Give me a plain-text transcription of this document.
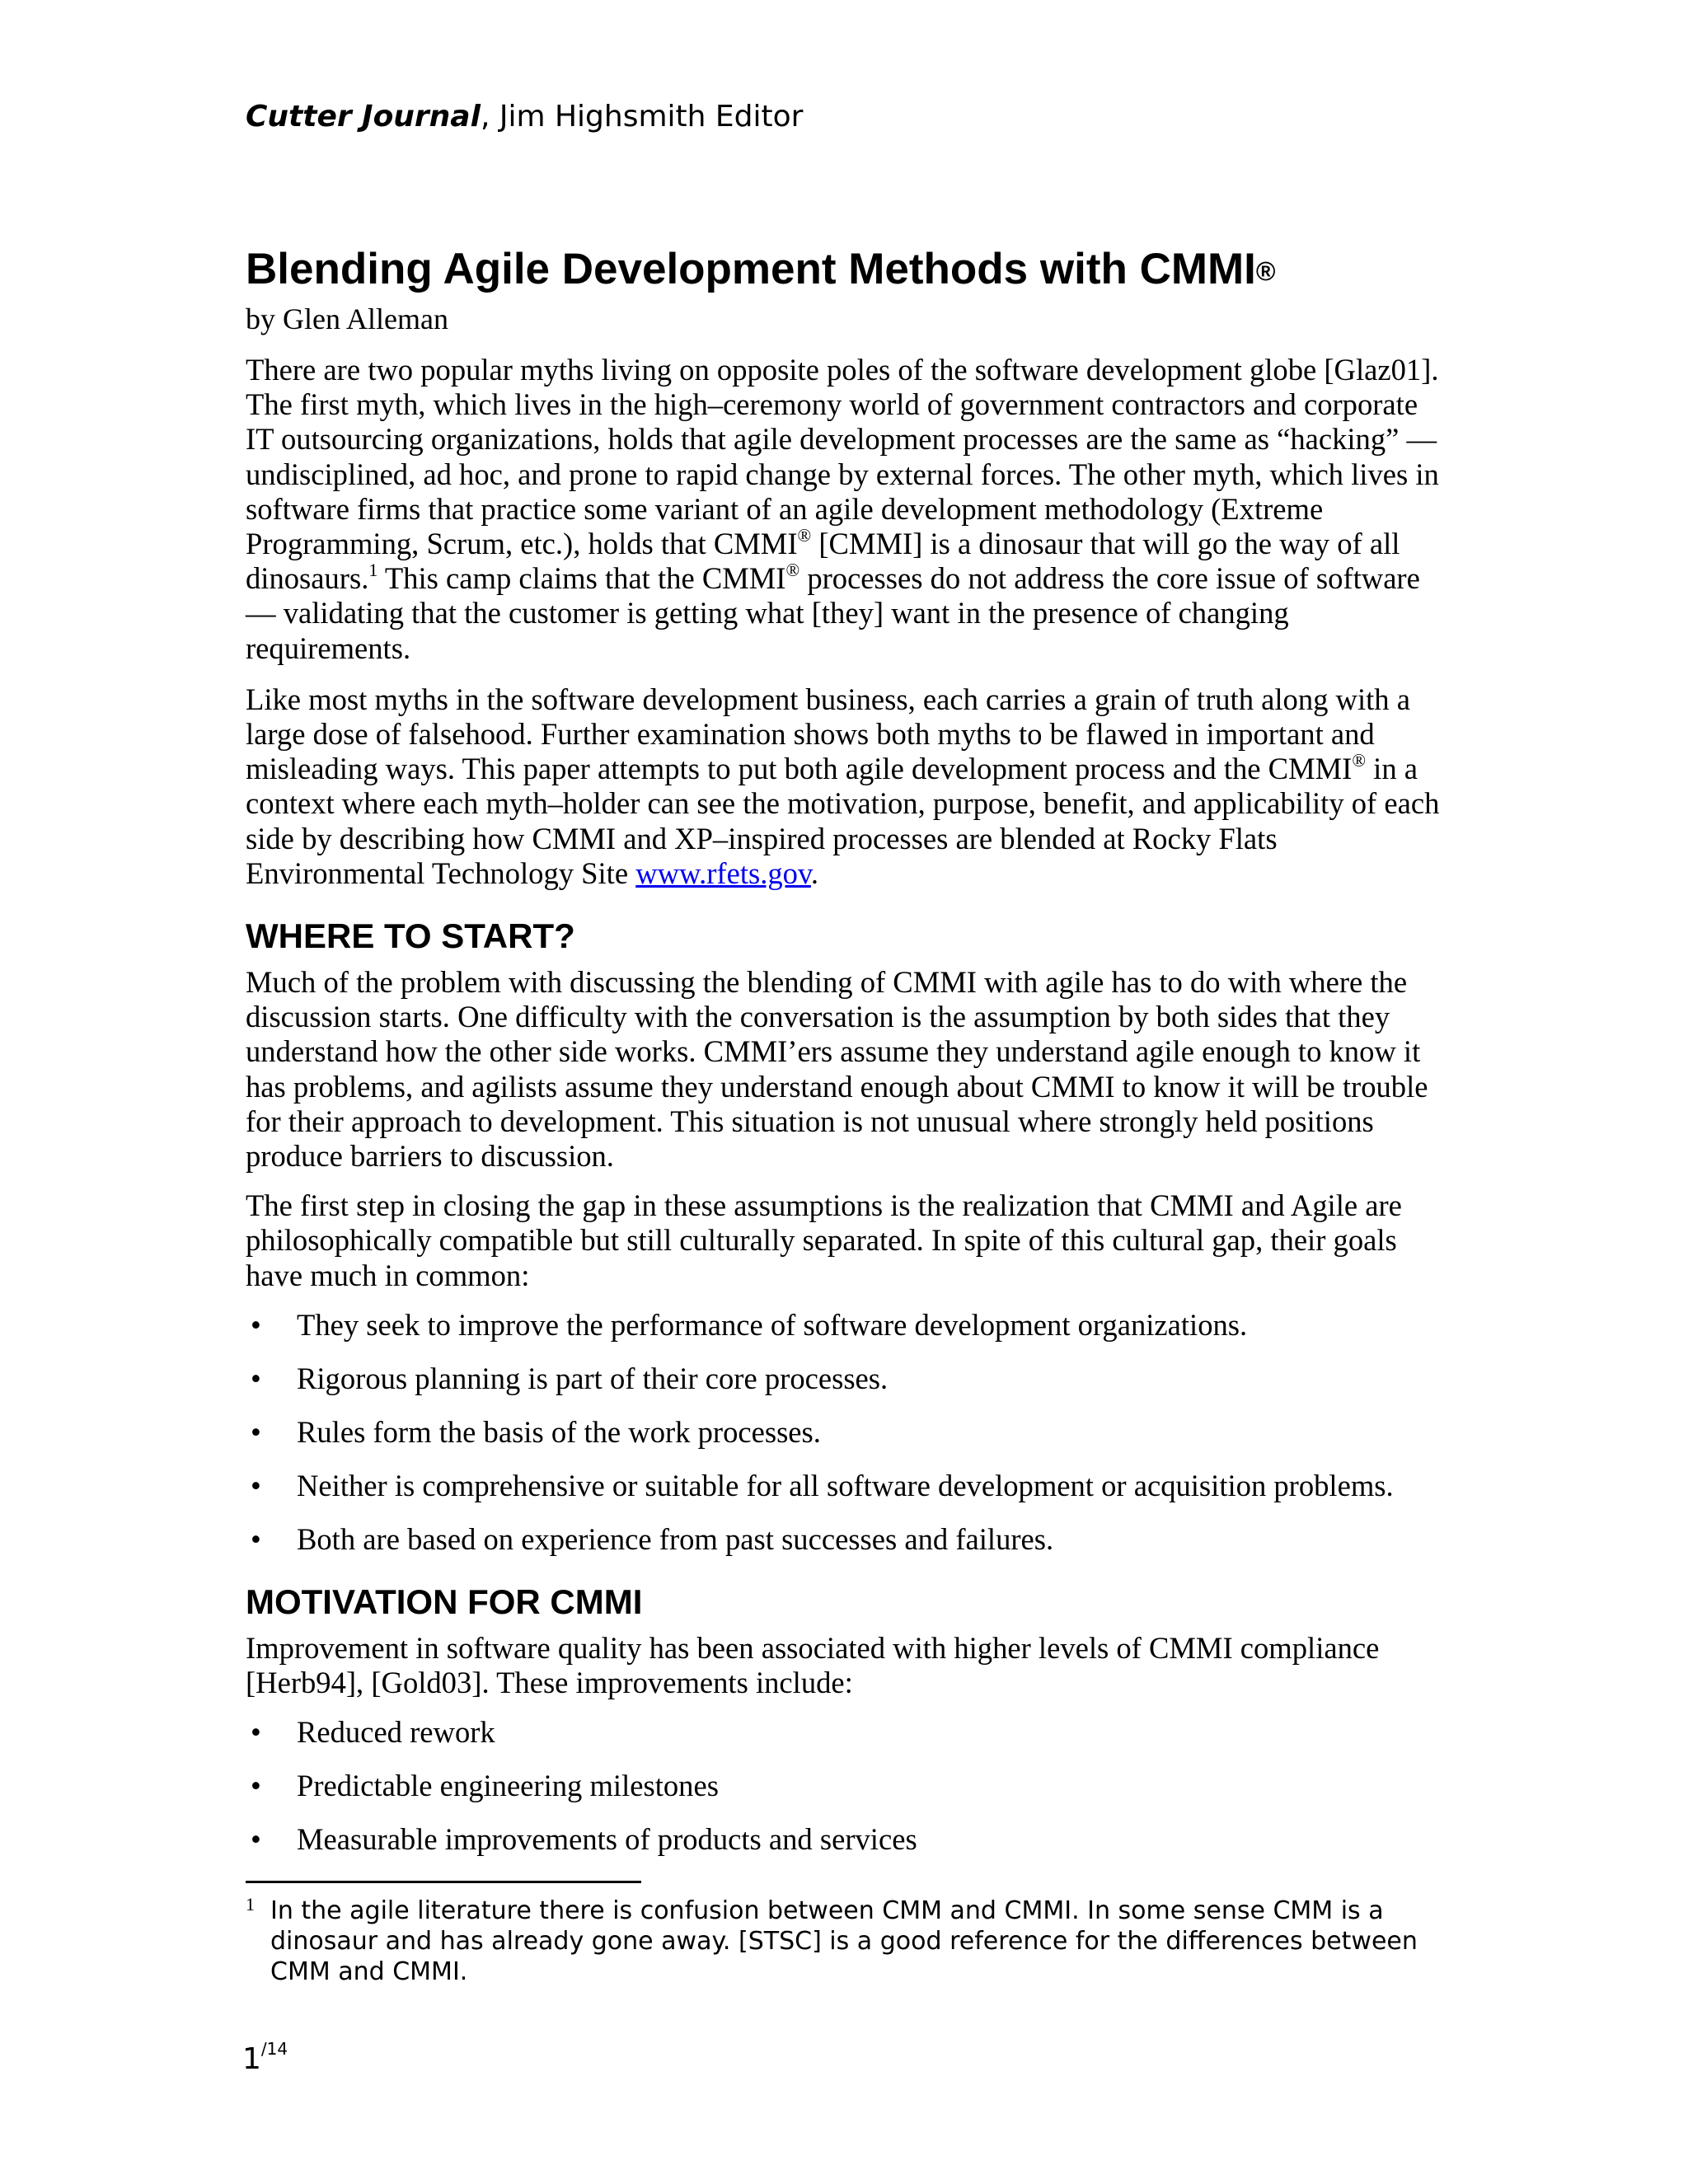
Cutter Journal, Jim Highsmith Editor

Blending Agile Development Methods with CMMI®

by Glen Alleman

There are two popular myths living on opposite poles of the software development globe [Glaz01]. The first myth, which lives in the high–ceremony world of government contractors and corporate IT outsourcing organizations, holds that agile development processes are the same as “hacking” — undisciplined, ad hoc, and prone to rapid change by external forces. The other myth, which lives in software firms that practice some variant of an agile development methodology (Extreme Programming, Scrum, etc.), holds that CMMI® [CMMI] is a dinosaur that will go the way of all dinosaurs.$^1$ This camp claims that the CMMI® processes do not address the core issue of software — validating that the customer is getting what [they] want in the presence of changing requirements.

Like most myths in the software development business, each carries a grain of truth along with a large dose of falsehood. Further examination shows both myths to be flawed in important and misleading ways. This paper attempts to put both agile development process and the CMMI® in a context where each myth–holder can see the motivation, purpose, benefit, and applicability of each side by describing how CMMI and XP–inspired processes are blended at Rocky Flats Environmental Technology Site www.rfets.gov.

WHERE TO START?

Much of the problem with discussing the blending of CMMI with agile has to do with where the discussion starts. One difficulty with the conversation is the assumption by both sides that they understand how the other side works. CMMI’ers assume they understand agile enough to know it has problems, and agilists assume they understand enough about CMMI to know it will be trouble for their approach to development. This situation is not unusual where strongly held positions produce barriers to discussion.

The first step in closing the gap in these assumptions is the realization that CMMI and Agile are philosophically compatible but still culturally separated. In spite of this cultural gap, their goals have much in common:

• They seek to improve the performance of software development organizations.
• Rigorous planning is part of their core processes.
• Rules form the basis of the work processes.
• Neither is comprehensive or suitable for all software development or acquisition problems.
• Both are based on experience from past successes and failures.
MOTIVATION FOR CMMI

Improvement in software quality has been associated with higher levels of CMMI compliance [Herb94], [Gold03]. These improvements include:

• Reduced rework
• Predictable engineering milestones
• Measurable improvements of products and services
1 In the agile literature there is confusion between CMM and CMMI. In some sense CMM is a dinosaur and has already gone away. [STSC] is a good reference for the differences between CMM and CMMI.
$1^{/14}$
